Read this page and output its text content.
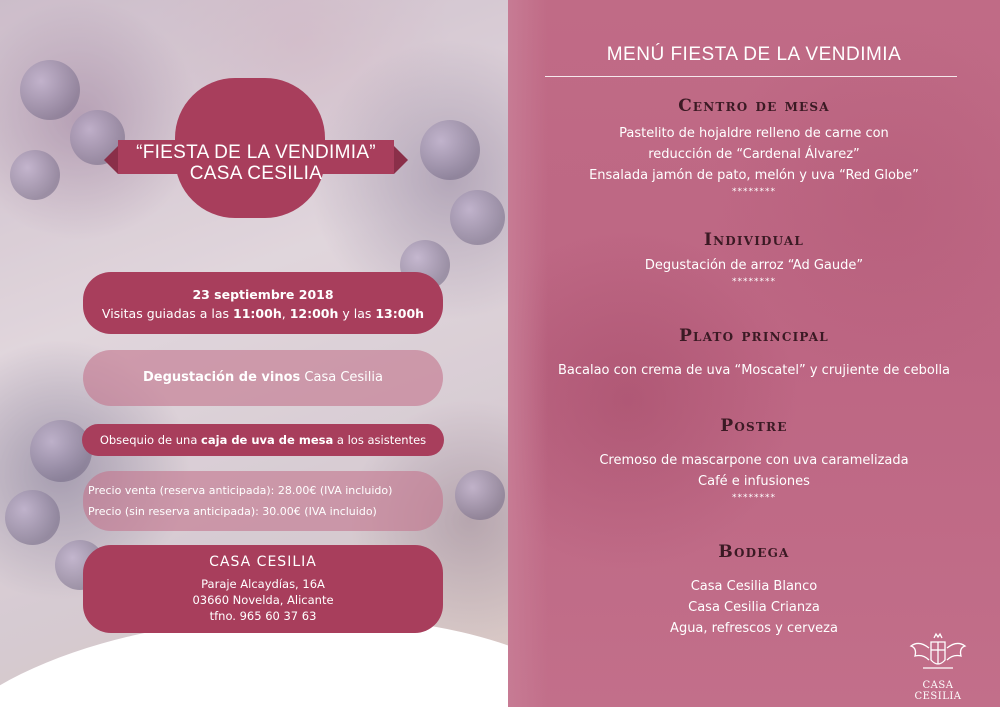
“FIESTA DE LA VENDIMIA”
CASA CESILIA
23 septiembre 2018
Visitas guiadas a las 11:00h, 12:00h y las 13:00h
Degustación de vinos Casa Cesilia
Obsequio de una caja de uva de mesa a los asistentes
Precio venta (reserva anticipada): 28.00€ (IVA incluido)
Precio (sin reserva anticipada): 30.00€ (IVA incluido)
CASA CESILIA
Paraje Alcaydías, 16A
03660 Novelda, Alicante
tfno. 965 60 37 63
MENÚ FIESTA DE LA VENDIMIA
Centro de mesa
Pastelito de hojaldre relleno de carne con
reducción de “Cardenal Álvarez”
Ensalada jamón de pato, melón y uva “Red Globe”
********
Individual
Degustación de arroz “Ad Gaude”
********
Plato principal
Bacalao con crema de uva “Moscatel” y crujiente de cebolla
Postre
Cremoso de mascarpone con uva caramelizada
Café e infusiones
********
Bodega
Casa Cesilia Blanco
Casa Cesilia Crianza
Agua, refrescos y cerveza
CASA CESILIA
